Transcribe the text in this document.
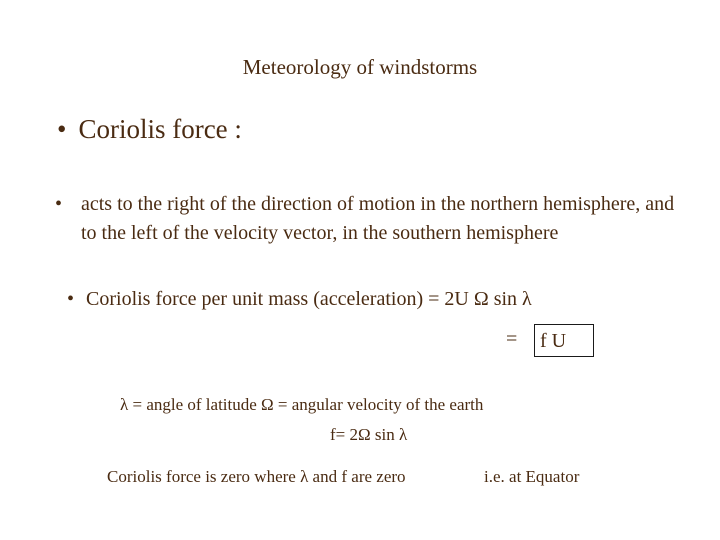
Meteorology of windstorms
• Coriolis force :
• acts to the right of the direction of motion in the northern hemisphere, and to the left of the velocity vector, in the southern hemisphere
• Coriolis force per unit mass (acceleration) = 2U Ω sin λ
=	f U
λ = angle of latitude Ω = angular velocity of the earth
f= 2Ω sin λ
Coriolis force is zero where λ and f are zero	i.e. at Equator
